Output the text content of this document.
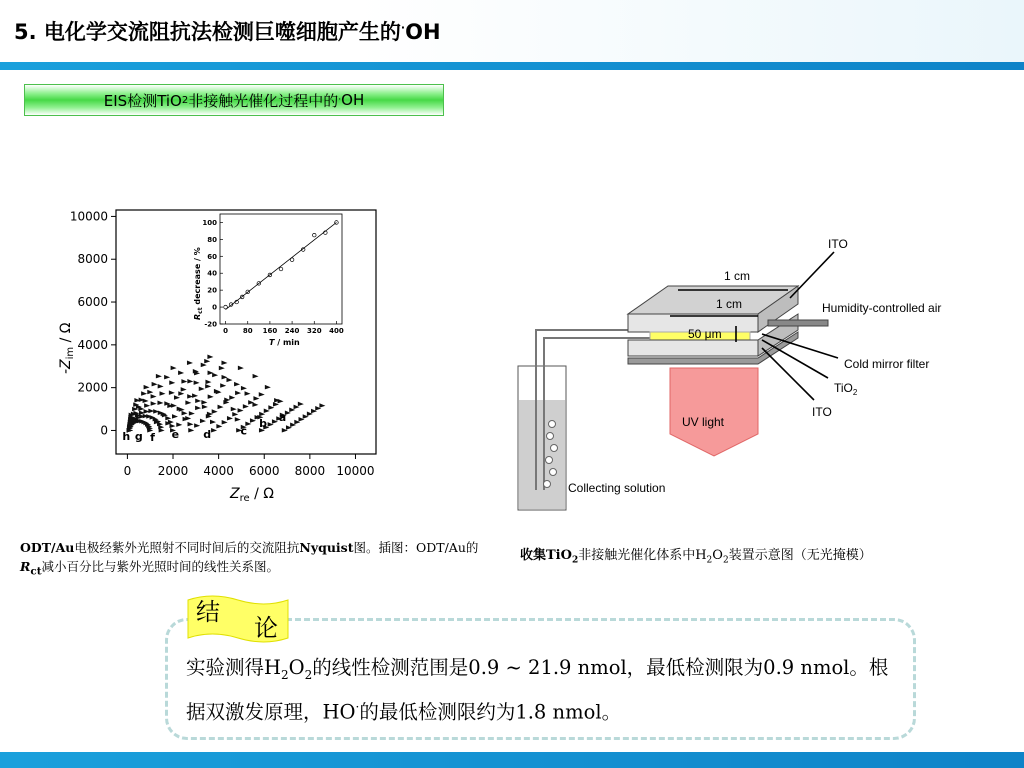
5. 电化学交流阻抗法检测巨噬细胞产生的·OH
EIS检测TiO 2 非接触光催化过程中的 · OH
0 2000 4000 6000 8000 10000
0
2000
4000
6000
8000
10000
$Z_{re}$ / Ω
$-Z_{im}$ / Ω
h g f e d	c
b a
0 80 160 240 320 400
-20
0
20
40
60
80
100
T / min
$R_{ct}$ decrease / %
UV light
1 cm
1 cm
50 μm
ITO
Humidity-controlled air
Cold mirror filter
TiO$_2$
ITO
Collecting solution
ODT/Au电极经紫外光照射不同时间后的交流阻抗Nyquist图。插图：ODT/Au的$R_{ct}$减小百分比与紫外光照时间的线性关系图。
收集TiO$_2$非接触光催化体系中$H_2O_2$装置示意图（无光掩模）
结
论
实验测得$H_2O_2$的线性检测范围是0.9 ~ 21.9 nmol，最低检测限为0.9 nmol。根据双激发原理，HO·的最低检测限约为1.8 nmol。
